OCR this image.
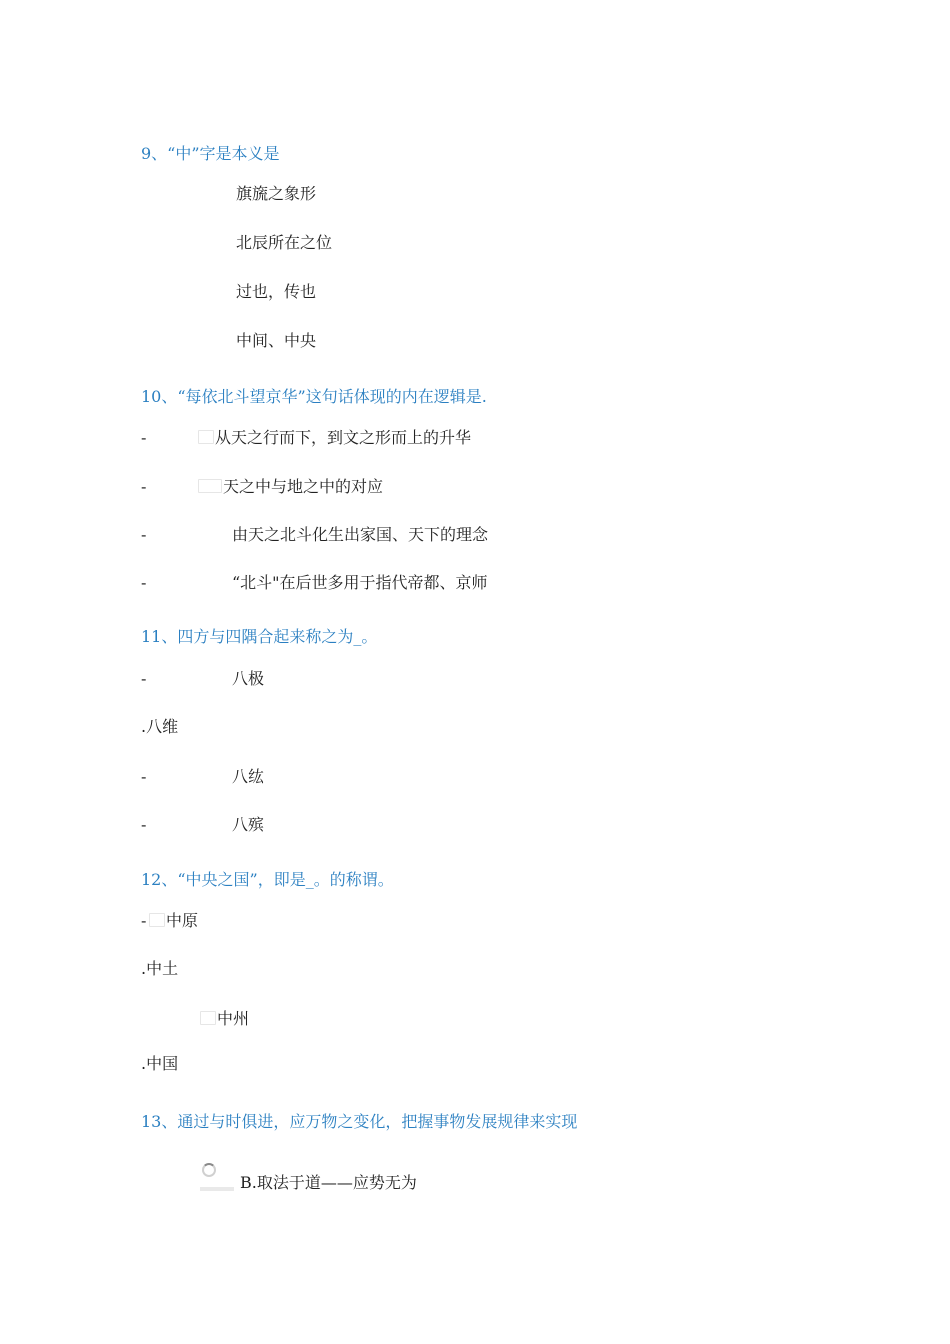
9、“中”字是本义是
旗旒之象形
北辰所在之位
过也，传也
中间、中央
10、“每依北斗望京华”这句话体现的内在逻辑是.
-	从天之行而下，到文之形而上的升华
-	天之中与地之中的对应
-	由天之北斗化生出家国、天下的理念
-	“北斗"在后世多用于指代帝都、京师
11、四方与四隅合起来称之为_。
-	八极
.八维
-	八纮
-	八殡
12、“中央之国”，即是_。的称谓。
-	中原
.中土
中州
.中国
13、通过与时俱进，应万物之变化，把握事物发展规律来实现
B.取法于道——应势无为
